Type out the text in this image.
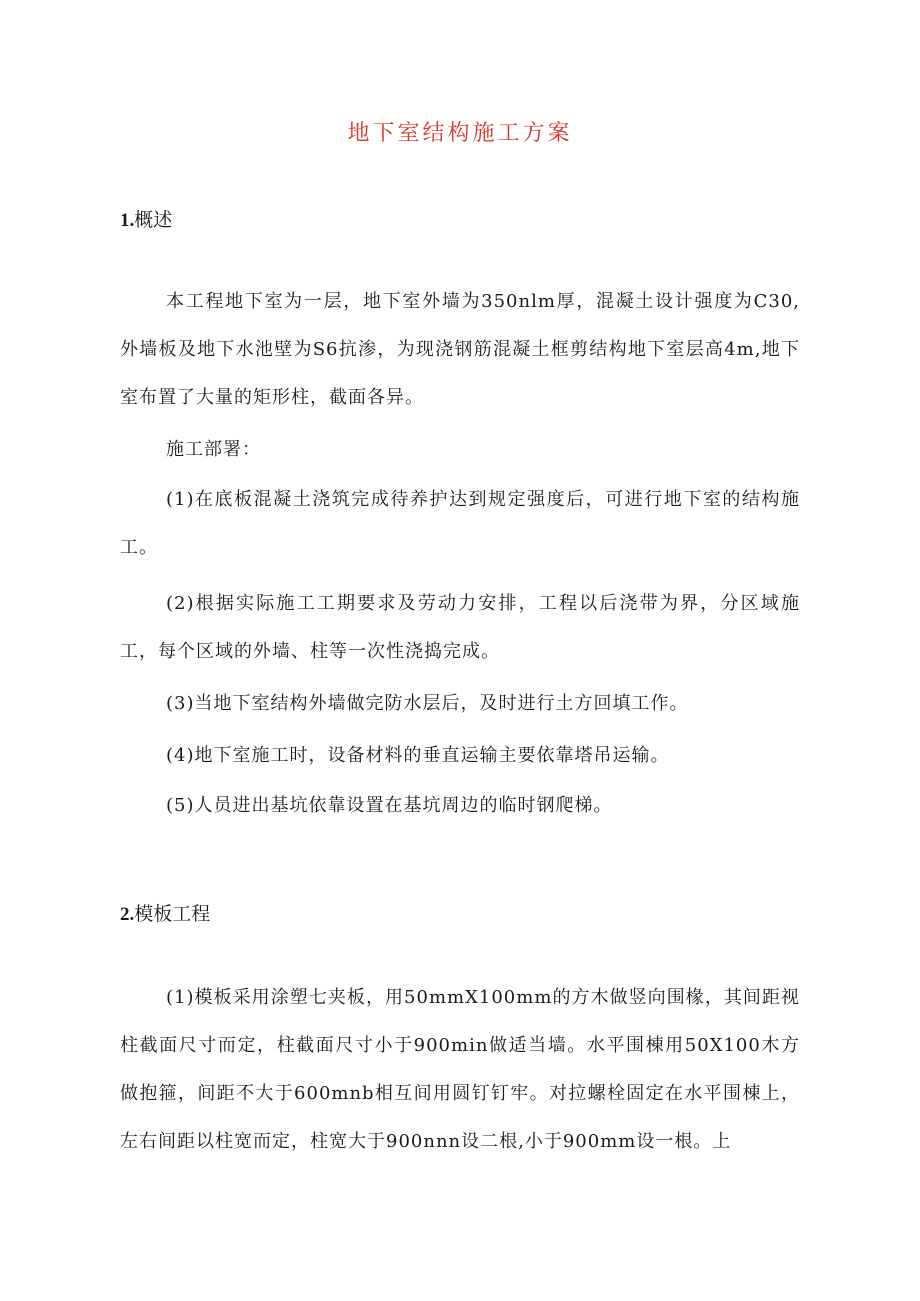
地下室结构施工方案
1.概述

本工程地下室为一层，地下室外墙为350nlm厚，混凝土设计强度为C30,外墙板及地下水池壁为S6抗渗，为现浇钢筋混凝土框剪结构地下室层高4m,地下室布置了大量的矩形柱，截面各异。

施工部署：

(1)在底板混凝土浇筑完成待养护达到规定强度后，可进行地下室的结构施工。

(2)根据实际施工工期要求及劳动力安排，工程以后浇带为界，分区域施工，每个区域的外墙、柱等一次性浇捣完成。

(3)当地下室结构外墙做完防水层后，及时进行土方回填工作。

(4)地下室施工时，设备材料的垂直运输主要依靠塔吊运输。

(5)人员进出基坑依靠设置在基坑周边的临时钢爬梯。

2.模板工程

(1)模板采用涂塑七夹板，用50mmX100mm的方木做竖向围椽，其间距视柱截面尺寸而定，柱截面尺寸小于900min做适当墙。水平围棟用50X100木方做抱箍，间距不大于600mnb相互间用圆钉钉牢。对拉螺栓固定在水平围棟上，左右间距以柱宽而定，柱宽大于900nnn设二根,小于900mm设一根。上
